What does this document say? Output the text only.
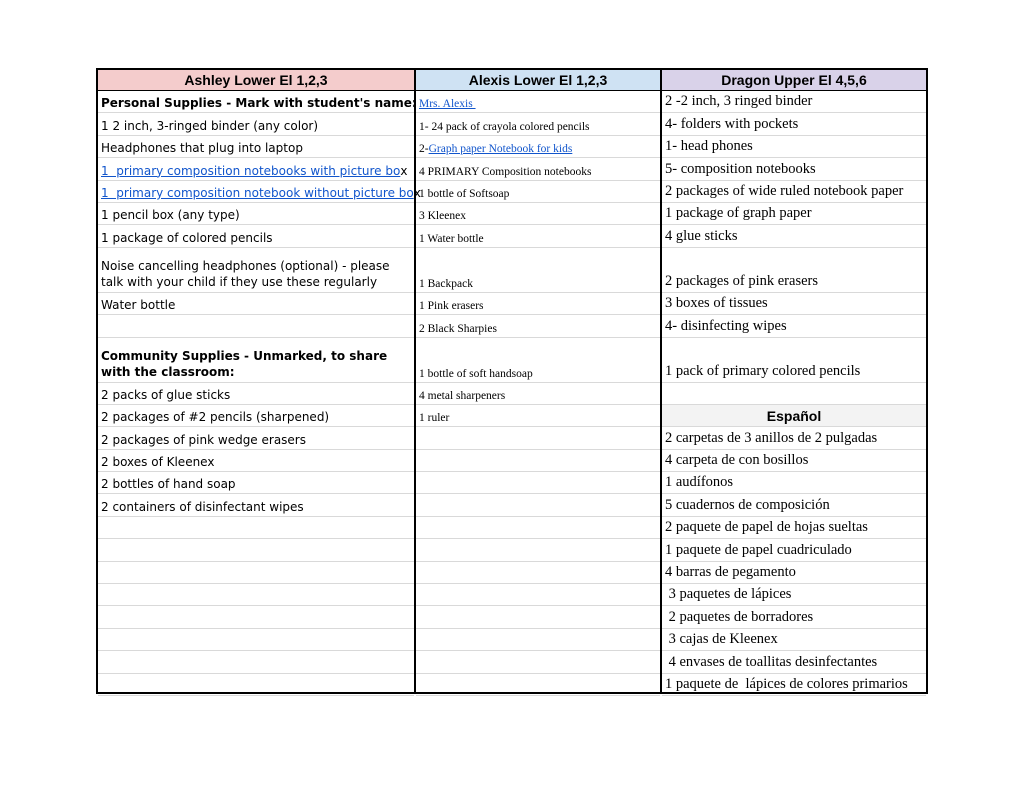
Ashley Lower El 1,2,3
Personal Supplies - Mark with student's name:
1 2 inch, 3-ringed binder (any color)
Headphones that plug into laptop
1  primary composition notebooks with picture bo x
1  primary composition notebook without picture bo x
1 pencil box (any type)
1 package of colored pencils
Noise cancelling headphones (optional) - please talk with your child if they use these regularly
Water bottle
Community Supplies - Unmarked, to share with the classroom:
2 packs of glue sticks
2 packages of #2 pencils (sharpened)
2 packages of pink wedge erasers
2 boxes of Kleenex
2 bottles of hand soap
2 containers of disinfectant wipes
Alexis Lower El 1,2,3
Mrs. Alexis
1- 24 pack of crayola colored pencils
2- Graph paper Notebook for kids
4 PRIMARY Composition notebooks
1 bottle of Softsoap
3 Kleenex
1 Water bottle
1 Backpack
1 Pink erasers
2 Black Sharpies
1 bottle of soft handsoap
4 metal sharpeners
1 ruler
Dragon Upper El 4,5,6
2 -2 inch, 3 ringed binder
4- folders with pockets
1- head phones
5- composition notebooks
2 packages of wide ruled notebook paper
1 package of graph paper
4 glue sticks
2 packages of pink erasers
3 boxes of tissues
4- disinfecting wipes
1 pack of primary colored pencils
Español
2 carpetas de 3 anillos de 2 pulgadas
4 carpeta de con bosillos
1 audífonos
5 cuadernos de composición
2 paquete de papel de hojas sueltas
1 paquete de papel cuadriculado
4 barras de pegamento
3 paquetes de lápices
2 paquetes de borradores
3 cajas de Kleenex
4 envases de toallitas desinfectantes
1 paquete de  lápices de colores primarios
